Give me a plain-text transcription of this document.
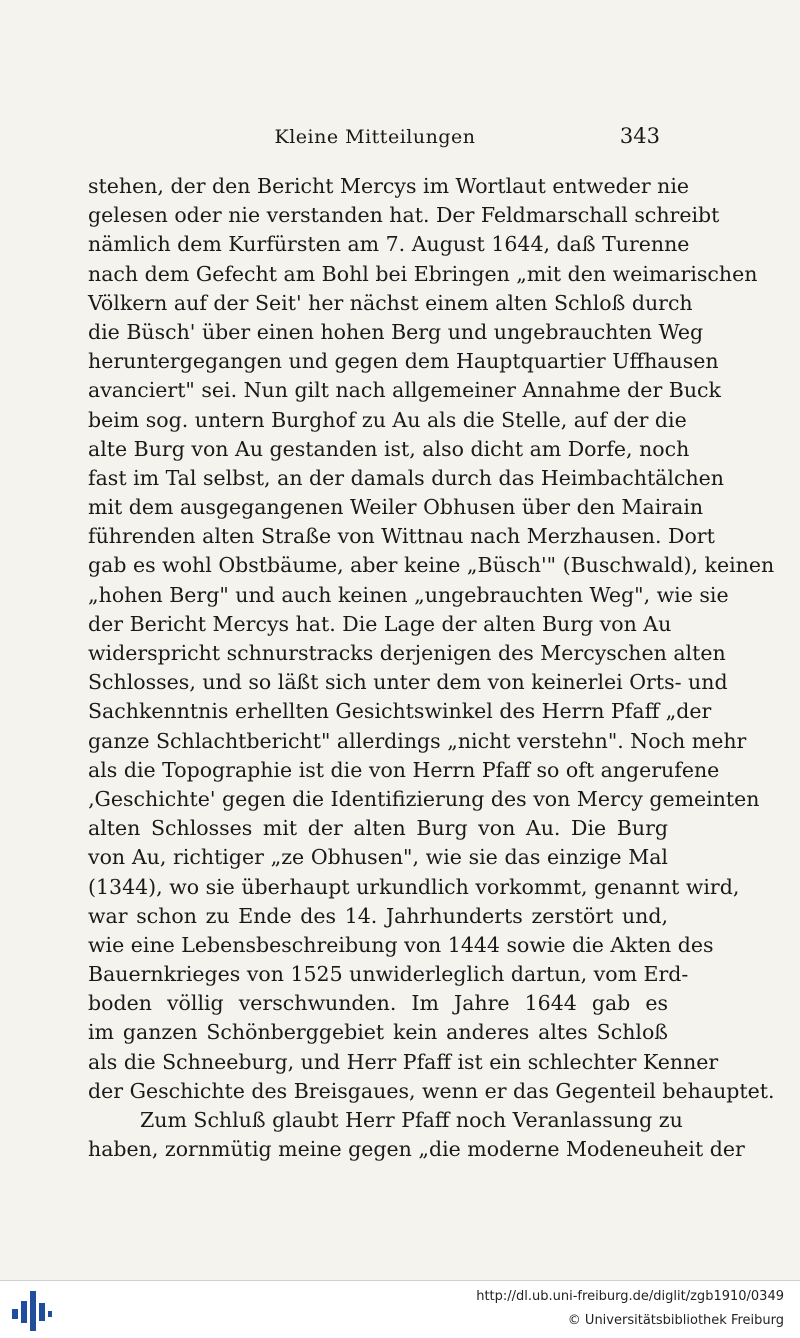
Kleine Mitteilungen	343
stehen, der den Bericht Mercys im Wortlaut entweder nie
gelesen oder nie verstanden hat. Der Feldmarschall schreibt
nämlich dem Kurfürsten am 7. August 1644, daß Turenne
nach dem Gefecht am Bohl bei Ebringen „mit den weimarischen
Völkern auf der Seit' her nächst einem alten Schloß durch
die Büsch' über einen hohen Berg und ungebrauchten Weg
heruntergegangen und gegen dem Hauptquartier Uffhausen
avanciert" sei. Nun gilt nach allgemeiner Annahme der Buck
beim sog. untern Burghof zu Au als die Stelle, auf der die
alte Burg von Au gestanden ist, also dicht am Dorfe, noch
fast im Tal selbst, an der damals durch das Heimbachtälchen
mit dem ausgegangenen Weiler Obhusen über den Mairain
führenden alten Straße von Wittnau nach Merzhausen. Dort
gab es wohl Obstbäume, aber keine „Büsch'" (Buschwald), keinen
„hohen Berg" und auch keinen „ungebrauchten Weg", wie sie
der Bericht Mercys hat. Die Lage der alten Burg von Au
widerspricht schnurstracks derjenigen des Mercyschen alten
Schlosses, und so läßt sich unter dem von keinerlei Orts- und
Sachkenntnis erhellten Gesichtswinkel des Herrn Pfaff „der
ganze Schlachtbericht" allerdings „nicht verstehn". Noch mehr
als die Topographie ist die von Herrn Pfaff so oft angerufene
‚Geschichte' gegen die Identifizierung des von Mercy gemeinten
alten Schlosses mit der alten Burg von Au. Die Burg
von Au, richtiger „ze Obhusen", wie sie das einzige Mal
(1344), wo sie überhaupt urkundlich vorkommt, genannt wird,
war schon zu Ende des 14. Jahrhunderts zerstört und,
wie eine Lebensbeschreibung von 1444 sowie die Akten des
Bauernkrieges von 1525 unwiderleglich dartun, vom Erd-
boden völlig verschwunden. Im Jahre 1644 gab es
im ganzen Schönberggebiet kein anderes altes Schloß
als die Schneeburg, und Herr Pfaff ist ein schlechter Kenner
der Geschichte des Breisgaues, wenn er das Gegenteil behauptet.
Zum Schluß glaubt Herr Pfaff noch Veranlassung zu
haben, zornmütig meine gegen „die moderne Modeneuheit der
http://dl.ub.uni-freiburg.de/diglit/zgb1910/0349
© Universitätsbibliothek Freiburg
